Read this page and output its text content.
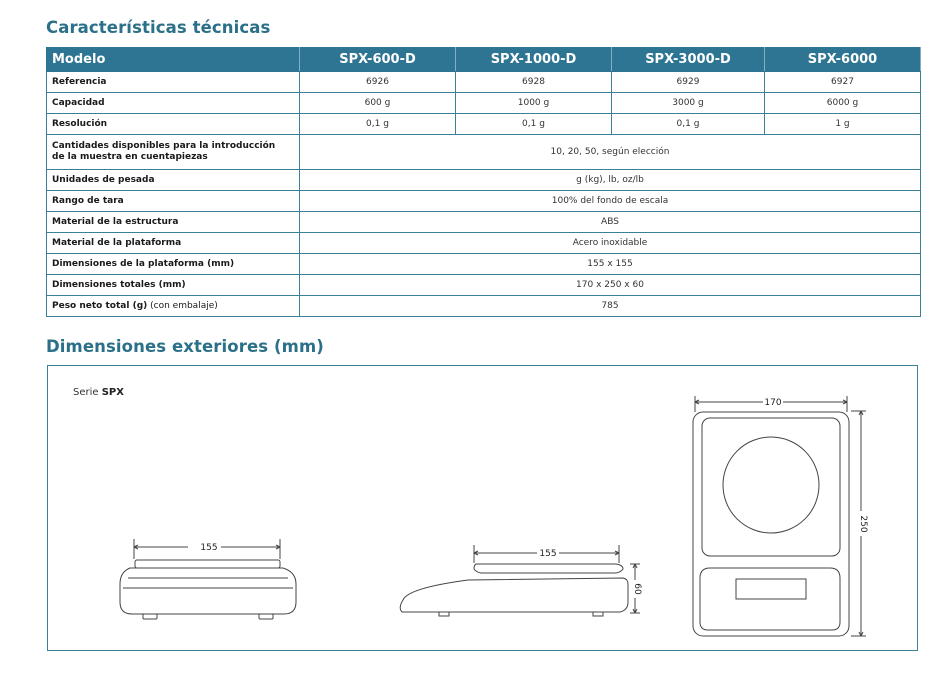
Características técnicas
Modelo	SPX-600-D	SPX-1000-D	SPX-3000-D	SPX-6000
Referencia	6926	6928	6929	6927
Capacidad	600 g	1000 g	3000 g	6000 g
Resolución	0,1 g	0,1 g	0,1 g	1 g
Cantidades disponibles para la introducción
de la muestra en cuentapiezas	10, 20, 50, según elección			
Unidades de pesada	g (kg), lb, oz/lb			
Rango de tara	100% del fondo de escala			
Material de la estructura	ABS			
Material de la plataforma	Acero inoxidable			
Dimensiones de la plataforma (mm)	155 x 155			
Dimensiones totales (mm)	170 x 250 x 60			
Peso neto total (g) (con embalaje)	785			
Dimensiones exteriores (mm)
Serie SPX
155
155
60
170
250
